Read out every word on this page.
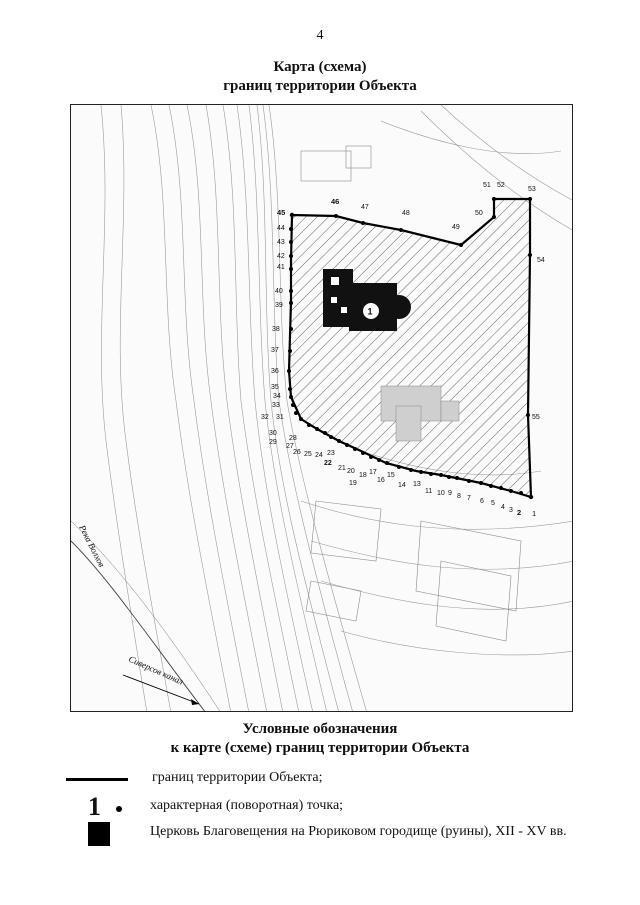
4
Карта (схема)
границ территории Объекта
1
1
2
3
4
5
6
7
8
9
10
11
13
14
15
16
17
18
19
20
21
22
23
24
25
26
27
28
29
30
31
32
33
34
35
36
37
38
39
40
41
42
43
44
45
46
47
48
49
50
51 52
53
54
55
Река Волхов
Сиверсов канал
Условные обозначения
к карте (схеме) границ территории Объекта
границ территории Объекта;
1	характерная (поворотная) точка;
Церковь Благовещения на Рюриковом городище (руины), XII - XV вв.
